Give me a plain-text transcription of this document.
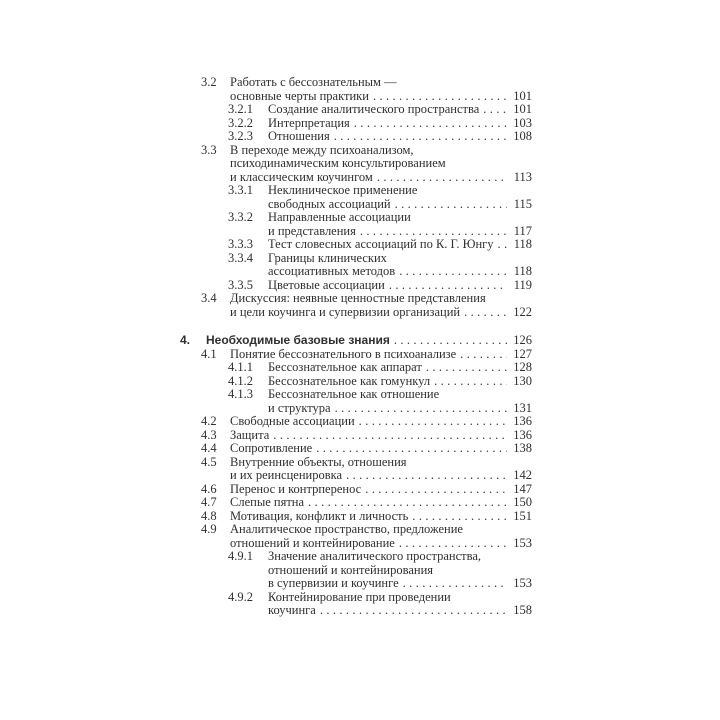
3.2	Работать с бессознательным —
основные черты практики .....	101
3.2.1	Создание аналитического пространства .....	101
3.2.2	Интерпретация .....	103
3.2.3	Отношения .....	108
3.3	В переходе между психоанализом,
психодинамическим консультированием
и классическим коучингом .....	113
3.3.1	Неклиническое применение
свободных ассоциаций .....	115
3.3.2	Направленные ассоциации
и представления .....	117
3.3.3	Тест словесных ассоциаций по К. Г. Юнгу ..... 118
3.3.4	Границы клинических
ассоциативных методов .....	118
3.3.5	Цветовые ассоциации .....	119
3.4	Дискуссия: неявные ценностные представления
и цели коучинга и супервизии организаций .....	122
4.	Необходимые базовые знания .....	126
4.1	Понятие бессознательного в психоанализе .....	127
4.1.1	Бессознательное как аппарат .....	128
4.1.2	Бессознательное как гомункул .....	130
4.1.3	Бессознательное как отношение
и структура .....	131
4.2	Свободные ассоциации .....	136
4.3	Защита .....	136
4.4	Сопротивление .....	138
4.5	Внутренние объекты, отношения
и их реинсценировка .....	142
4.6	Перенос и контрперенос .....	147
4.7	Слепые пятна .....	150
4.8	Мотивация, конфликт и личность .....	151
4.9	Аналитическое пространство, предложение
отношений и контейнирование .....	153
4.9.1	Значение аналитического пространства,
отношений и контейнирования
в супервизии и коучинге .....	153
4.9.2	Контейнирование при проведении
коучинга .....	158
